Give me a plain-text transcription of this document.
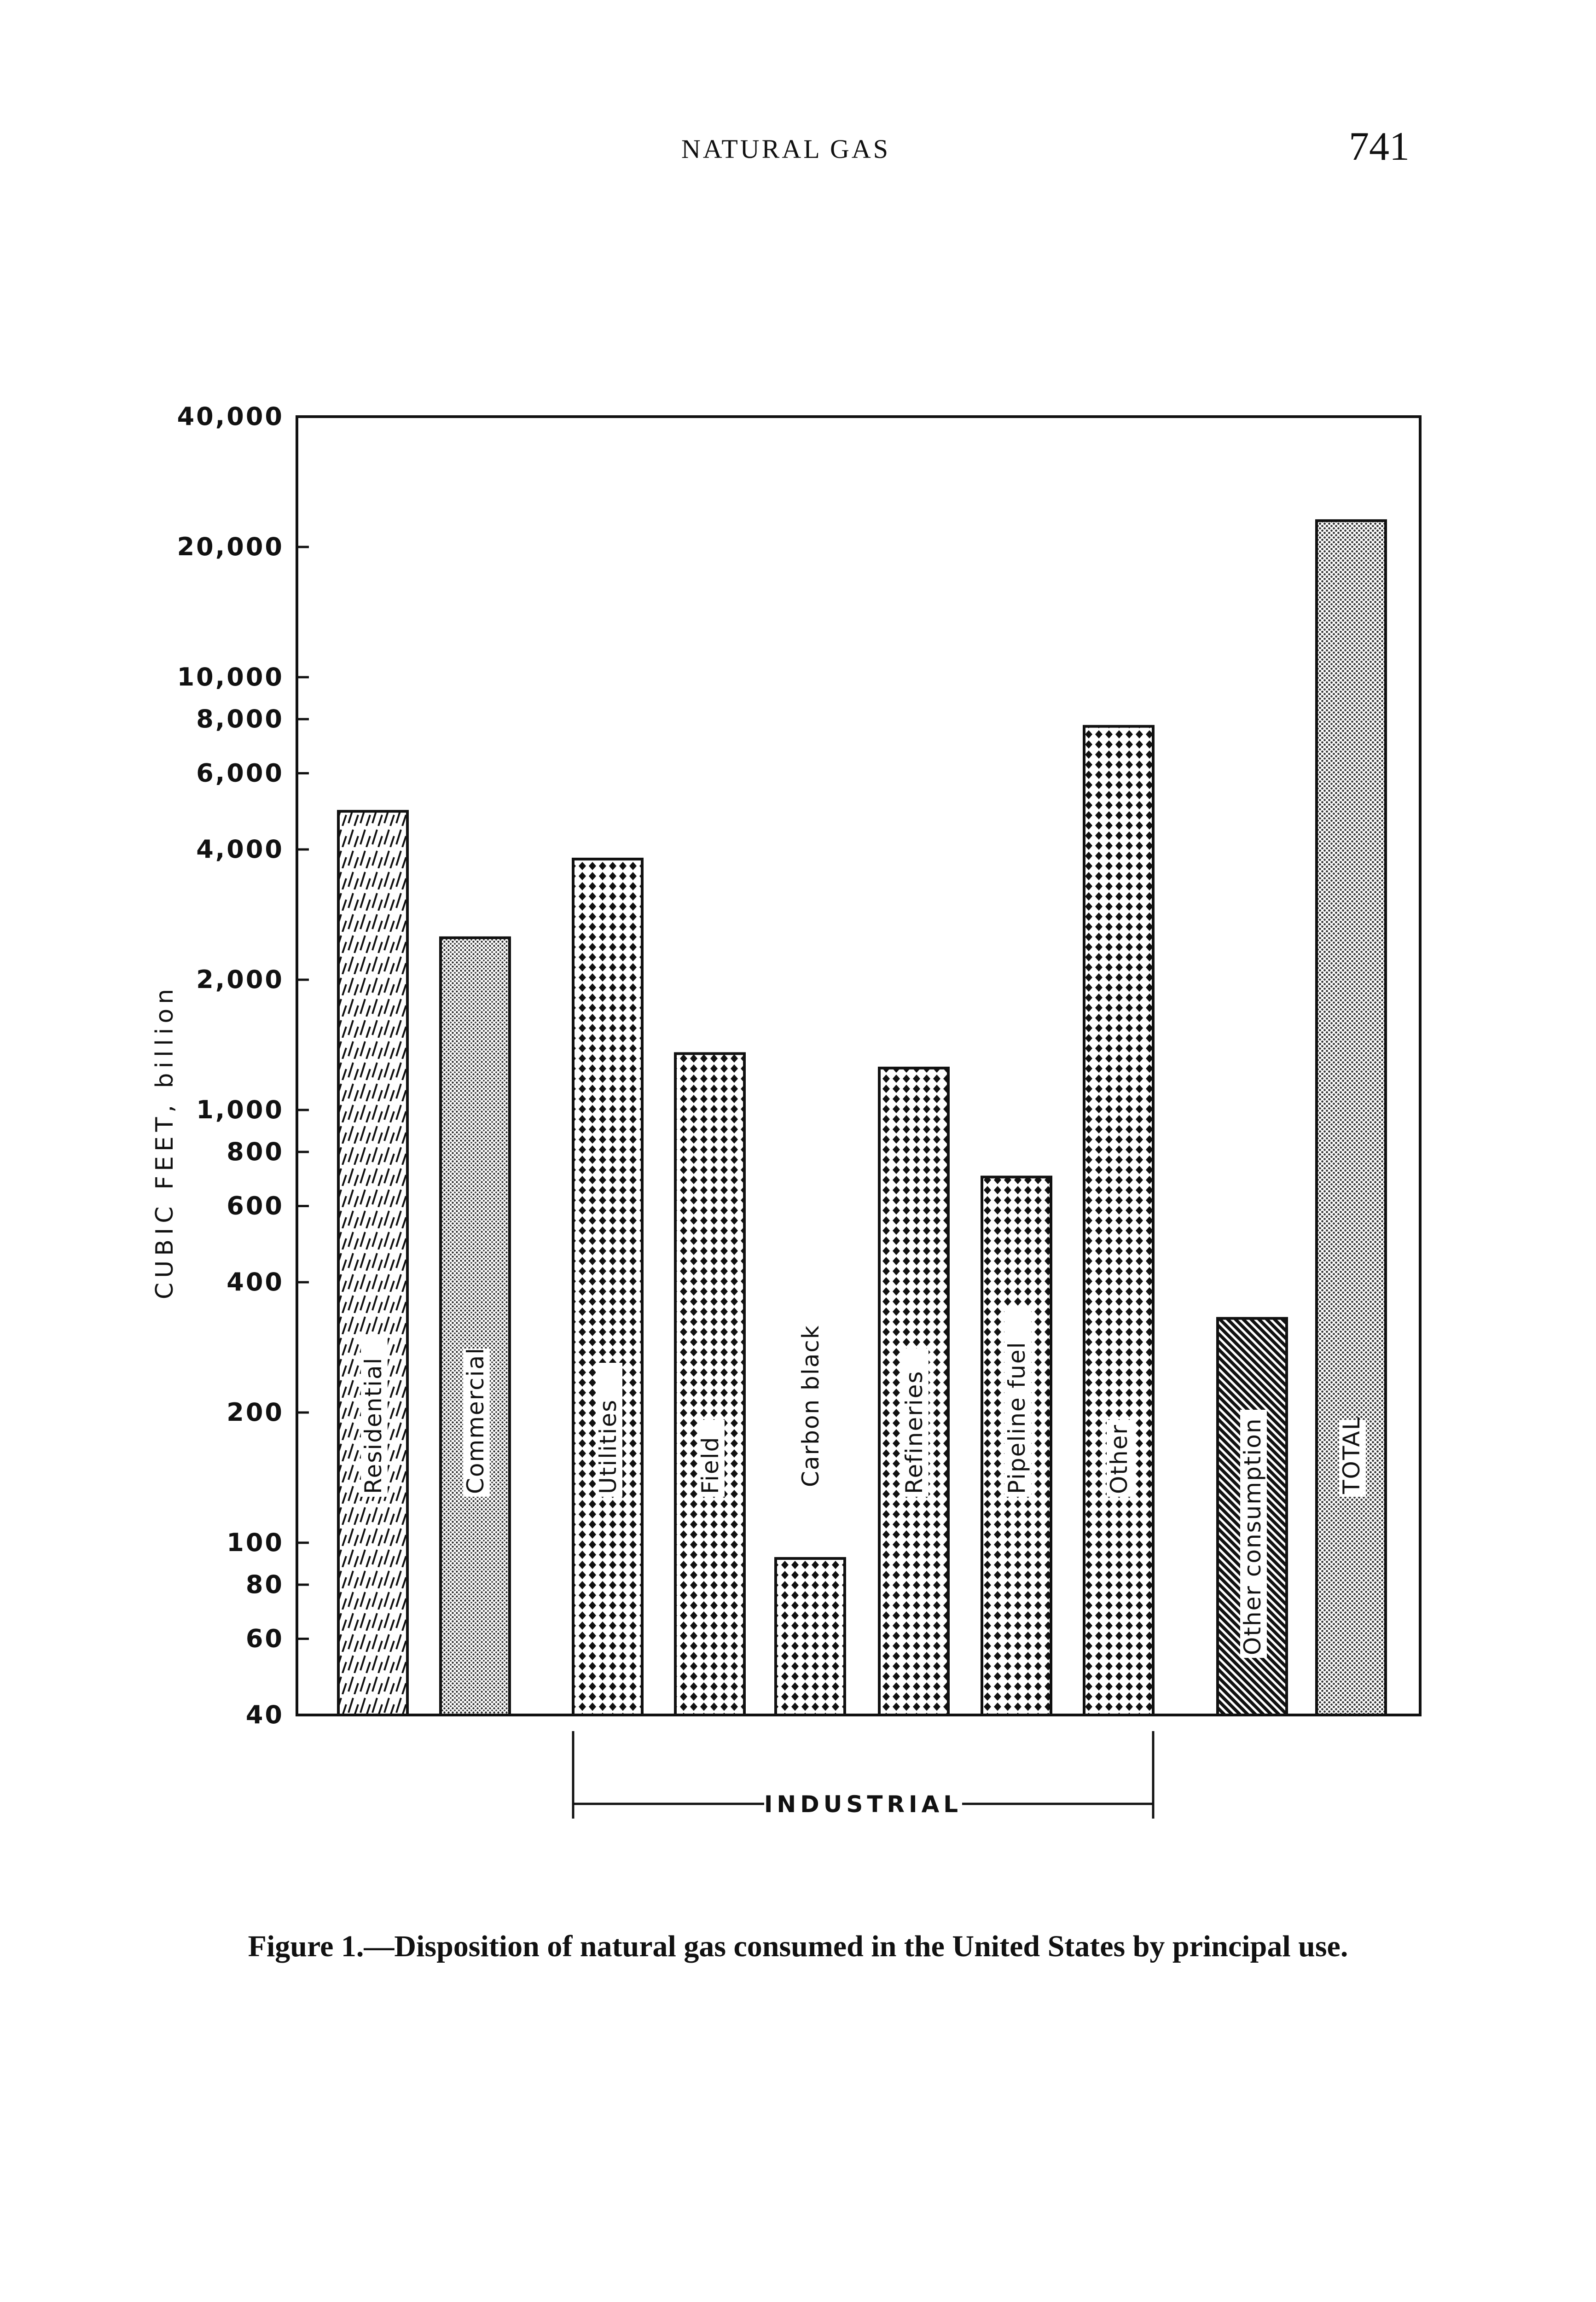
NATURAL GAS	741
CUBIC FEET, billion
40,000
20,000
10,000
8,000
6,000
4,000
2,000
1,000
800
600
400
200
100
80
60
40
Residential	Commercial	Utilities	Field	Carbon black	Refineries	Pipeline fuel	Other	Other consumption	TOTAL
INDUSTRIAL
Figure 1.—Disposition of natural gas consumed in the United States by principal use.
